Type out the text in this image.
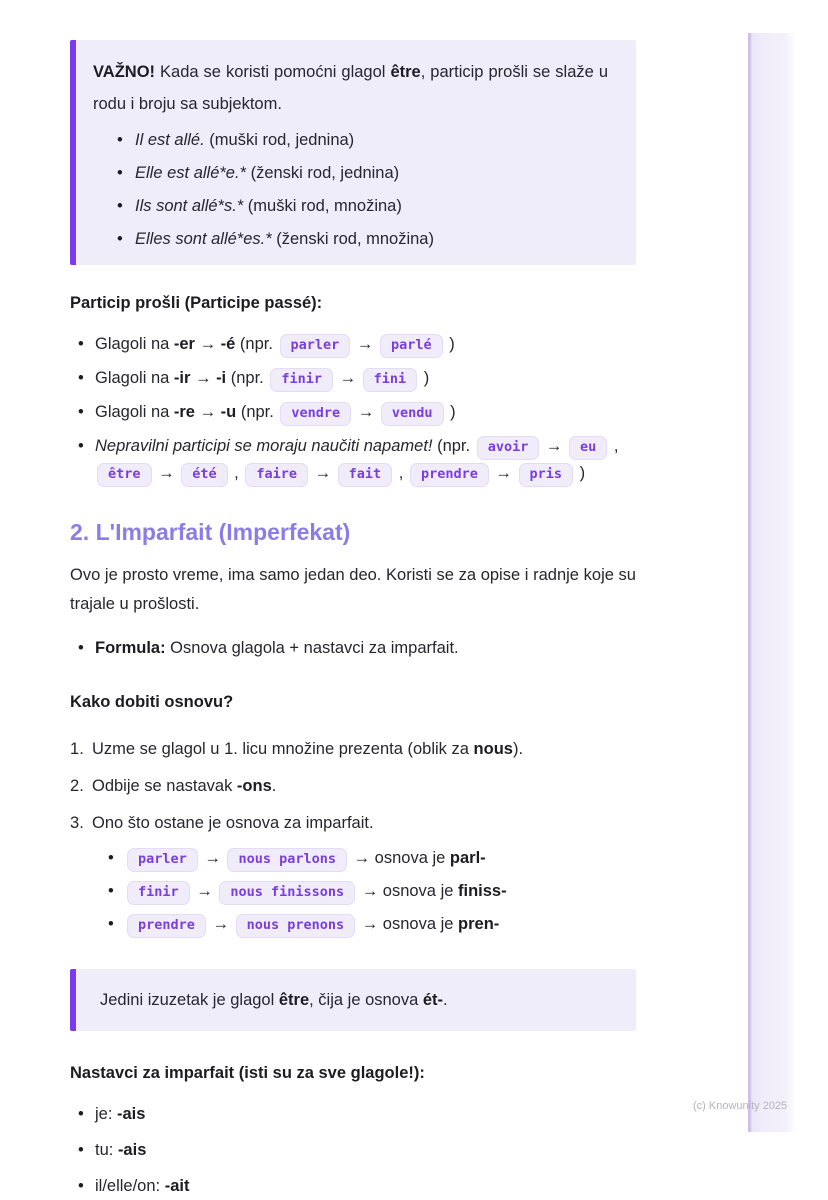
VAŽNO! Kada se koristi pomoćni glagol être, particip prošli se slaže u rodu i broju sa subjektom.

• Il est allé. (muški rod, jednina)
• Elle est allé*e.* (ženski rod, jednina)
• Ils sont allé*s.* (muški rod, množina)
• Elles sont allé*es.* (ženski rod, množina)

Particip prošli (Participe passé):

• Glagoli na -er → -é (npr. parler → parlé )
• Glagoli na -ir → -i (npr. finir → fini )
• Glagoli na -re → -u (npr. vendre → vendu )
• Nepravilni participi se moraju naučiti napamet! (npr. avoir → eu , être → été , faire → fait , prendre → pris )
2. L'Imparfait (Imperfekat)

Ovo je prosto vreme, ima samo jedan deo. Koristi se za opise i radnje koje su trajale u prošlosti.

• Formula: Osnova glagola + nastavci za imparfait.

Kako dobiti osnovu?

Uzme se glagol u 1. licu množine prezenta (oblik za nous).
Odbije se nastavak -ons.
Ono što ostane je osnova za imparfait.
• parler → nous parlons → osnova je parl-
• finir → nous finissons → osnova je finiss-
• prendre → nous prenons → osnova je pren-

Jedini izuzetak je glagol être, čija je osnova ét-.

Nastavci za imparfait (isti su za sve glagole!):

• je: -ais
• tu: -ais
• il/elle/on: -ait
(c) Knowunity 2025
